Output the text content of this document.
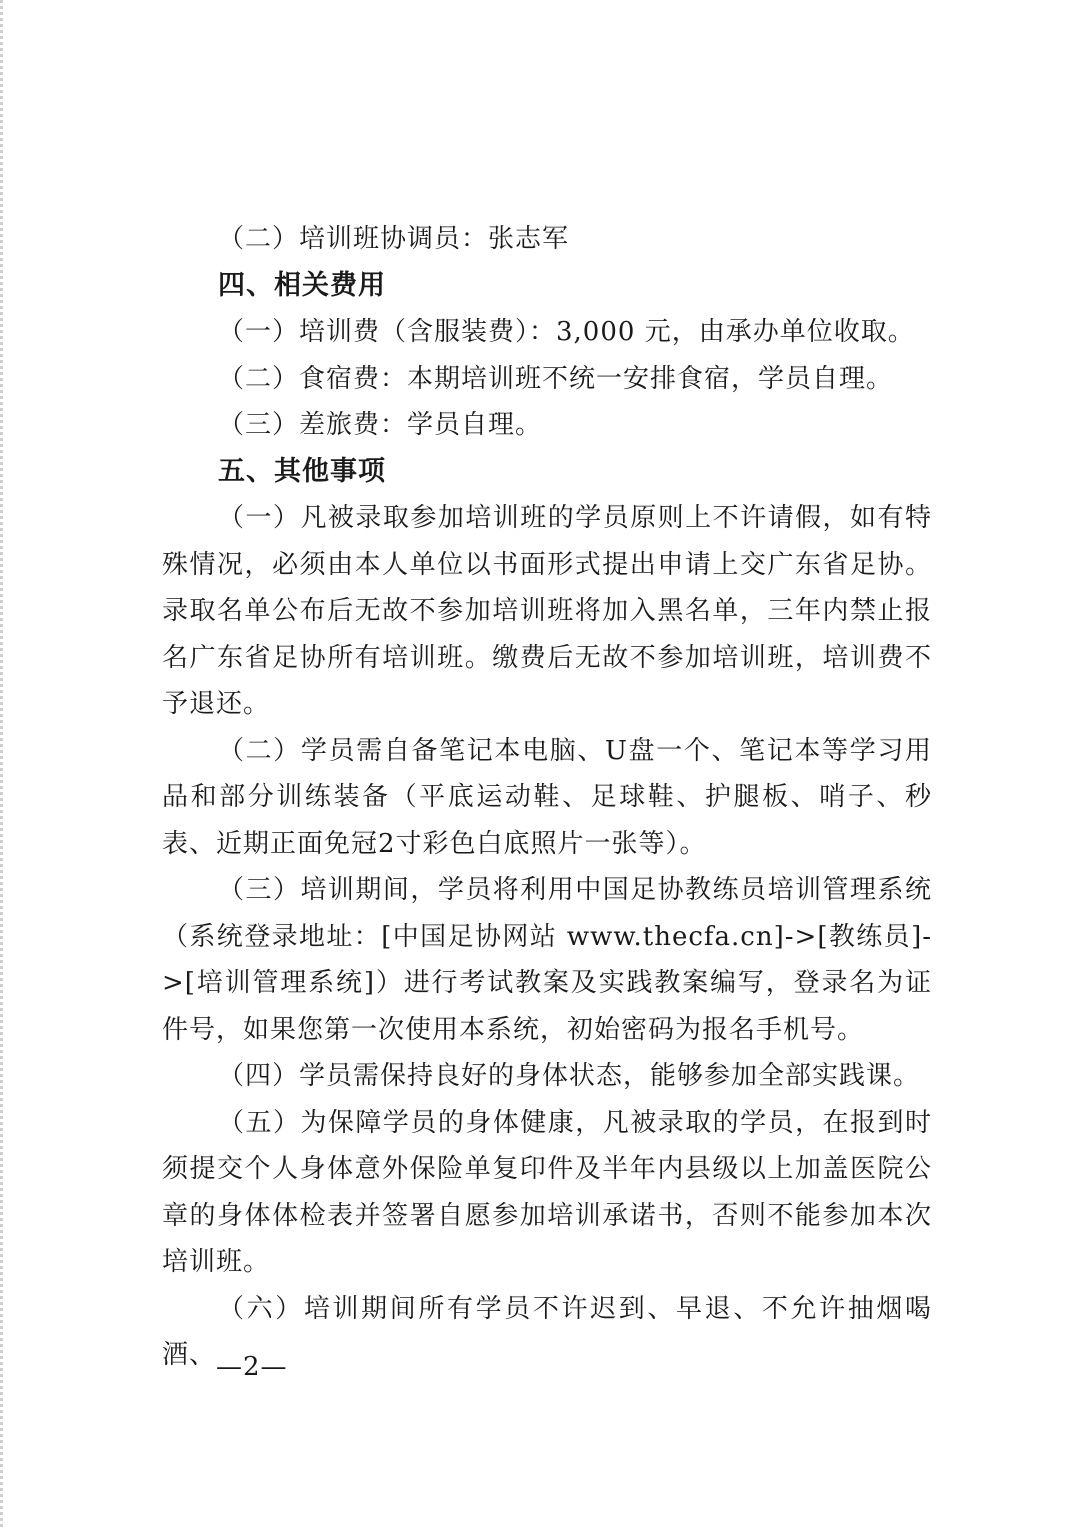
（二）培训班协调员：张志军

四、相关费用

（一）培训费（含服装费）：3,000 元，由承办单位收取。

（二）食宿费：本期培训班不统一安排食宿，学员自理。

（三）差旅费：学员自理。

五、其他事项

（一）凡被录取参加培训班的学员原则上不许请假，如有特殊情况，必须由本人单位以书面形式提出申请上交广东省足协。录取名单公布后无故不参加培训班将加入黑名单，三年内禁止报名广东省足协所有培训班。缴费后无故不参加培训班，培训费不予退还。

（二）学员需自备笔记本电脑、U盘一个、笔记本等学习用品和部分训练装备（平底运动鞋、足球鞋、护腿板、哨子、秒表、近期正面免冠2寸彩色白底照片一张等）。

（三）培训期间，学员将利用中国足协教练员培训管理系统（系统登录地址：[中国足协网站 www.thecfa.cn]->[教练员]->[培训管理系统]）进行考试教案及实践教案编写，登录名为证件号，如果您第一次使用本系统，初始密码为报名手机号。

（四）学员需保持良好的身体状态，能够参加全部实践课。

（五）为保障学员的身体健康，凡被录取的学员，在报到时须提交个人身体意外保险单复印件及半年内县级以上加盖医院公章的身体体检表并签署自愿参加培训承诺书，否则不能参加本次培训班。

（六）培训期间所有学员不许迟到、早退、不允许抽烟喝酒、 —2—
